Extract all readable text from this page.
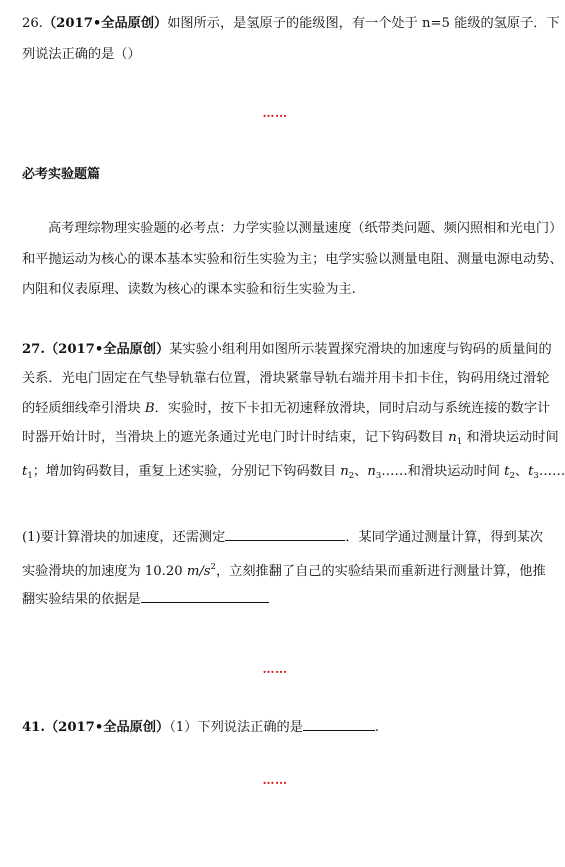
26.（2017•全品原创）如图所示，是氢原子的能级图，有一个处于 n=5 能级的氢原子．下
列说法正确的是（）
……
必考实验题篇
高考理综物理实验题的必考点：力学实验以测量速度（纸带类问题、频闪照相和光电门）
和平抛运动为核心的课本基本实验和衍生实验为主；电学实验以测量电阻、测量电源电动势、
内阻和仪表原理、读数为核心的课本实验和衍生实验为主.
27.（2017•全品原创）某实验小组利用如图所示装置探究滑块的加速度与钩码的质量间的
关系．光电门固定在气垫导轨靠右位置，滑块紧靠导轨右端并用卡扣卡住，钩码用绕过滑轮
的轻质细线牵引滑块 B．实验时，按下卡扣无初速释放滑块，同时启动与系统连接的数字计
时器开始计时，当滑块上的遮光条通过光电门时计时结束，记下钩码数目 $n_1$ 和滑块运动时间
$t_1$；增加钩码数目，重复上述实验，分别记下钩码数目 $n_2$、$n_3\dots\dots$和滑块运动时间 $t_2$、$t_3\dots\dots$
(1)要计算滑块的加速度，还需测定	．某同学通过测量计算，得到某次
实验滑块的加速度为 10.20 $m/s^2$，立刻推翻了自己的实验结果而重新进行测量计算，他推
翻实验结果的依据是
……
41.（2017•全品原创）（1）下列说法正确的是	.
……
